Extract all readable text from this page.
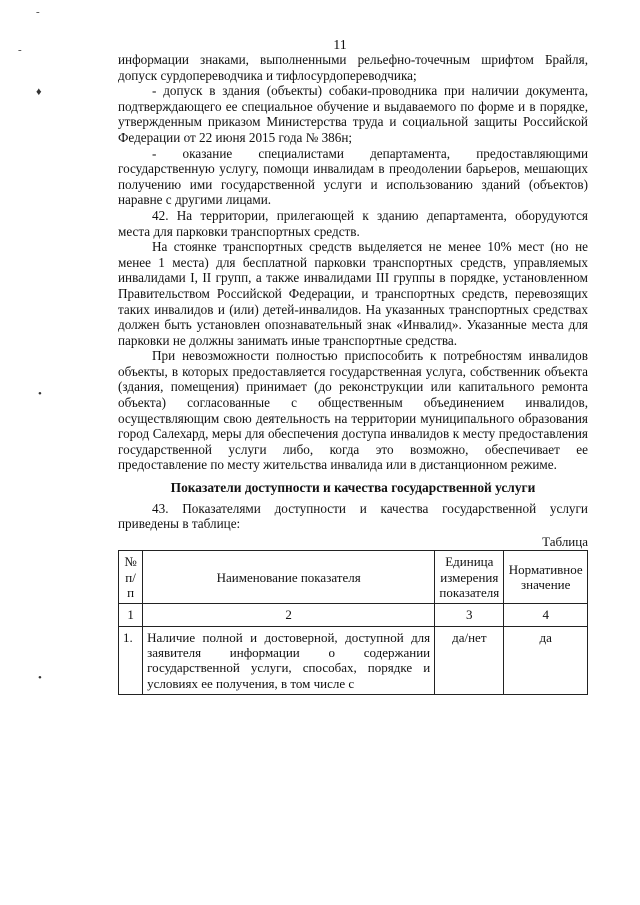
-
-
♦
•
•
11

информации знаками, выполненными рельефно-точечным шрифтом Брайля, допуск сурдопереводчика и тифлосурдопереводчика;

- допуск в здания (объекты) собаки-проводника при наличии документа, подтверждающего ее специальное обучение и выдаваемого по форме и в порядке, утвержденным приказом Министерства труда и социальной защиты Российской Федерации от 22 июня 2015 года № 386н;

- оказание специалистами департамента, предоставляющими государственную услугу, помощи инвалидам в преодолении барьеров, мешающих получению ими государственной услуги и использованию зданий (объектов) наравне с другими лицами.

42. На территории, прилегающей к зданию департамента, оборудуются места для парковки транспортных средств.

На стоянке транспортных средств выделяется не менее 10% мест (но не менее 1 места) для бесплатной парковки транспортных средств, управляемых инвалидами I, II групп, а также инвалидами III группы в порядке, установленном Правительством Российской Федерации, и транспортных средств, перевозящих таких инвалидов и (или) детей-инвалидов. На указанных транспортных средствах должен быть установлен опознавательный знак «Инвалид». Указанные места для парковки не должны занимать иные транспортные средства.

При невозможности полностью приспособить к потребностям инвалидов объекты, в которых предоставляется государственная услуга, собственник объекта (здания, помещения) принимает (до реконструкции или капитального ремонта объекта) согласованные с общественным объединением инвалидов, осуществляющим свою деятельность на территории муниципального образования город Салехард, меры для обеспечения доступа инвалидов к месту предоставления государственной услуги либо, когда это возможно, обеспечивает ее предоставление по месту жительства инвалида или в дистанционном режиме.

Показатели доступности и качества государственной услуги

43. Показателями доступности и качества государственной услуги приведены в таблице:

Таблица
№ п/п	Наименование показателя	Единица измерения показателя	Нормативное значение
1	2	3	4
1.	Наличие полной и достоверной, доступной для заявителя информации о содержании государственной услуги, способах, порядке и условиях ее получения, в том числе с	да/нет	да
